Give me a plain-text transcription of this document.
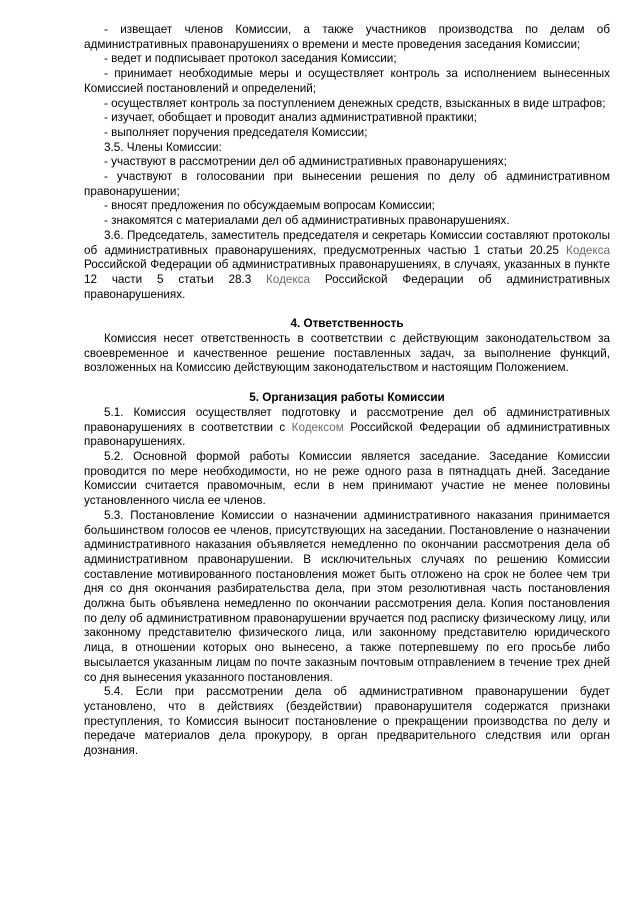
- извещает членов Комиссии, а также участников производства по делам об административных правонарушениях о времени и месте проведения заседания Комиссии;

- ведет и подписывает протокол заседания Комиссии;

- принимает необходимые меры и осуществляет контроль за исполнением вынесенных Комиссией постановлений и определений;

- осуществляет контроль за поступлением денежных средств, взысканных в виде штрафов;

- изучает, обобщает и проводит анализ административной практики;

- выполняет поручения председателя Комиссии;

3.5. Члены Комиссии:

- участвуют в рассмотрении дел об административных правонарушениях;

- участвуют в голосовании при вынесении решения по делу об административном правонарушении;

- вносят предложения по обсуждаемым вопросам Комиссии;

- знакомятся с материалами дел об административных правонарушениях.

3.6. Председатель, заместитель председателя и секретарь Комиссии составляют протоколы об административных правонарушениях, предусмотренных частью 1 статьи 20.25 Кодекса Российской Федерации об административных правонарушениях, в случаях, указанных в пункте 12 части 5 статьи 28.3 Кодекса Российской Федерации об административных правонарушениях.

4. Ответственность

Комиссия несет ответственность в соответствии с действующим законодательством за своевременное и качественное решение поставленных задач, за выполнение функций, возложенных на Комиссию действующим законодательством и настоящим Положением.

5. Организация работы Комиссии

5.1. Комиссия осуществляет подготовку и рассмотрение дел об административных правонарушениях в соответствии с Кодексом Российской Федерации об административных правонарушениях.

5.2. Основной формой работы Комиссии является заседание. Заседание Комиссии проводится по мере необходимости, но не реже одного раза в пятнадцать дней. Заседание Комиссии считается правомочным, если в нем принимают участие не менее половины установленного числа ее членов.

5.3. Постановление Комиссии о назначении административного наказания принимается большинством голосов ее членов, присутствующих на заседании. Постановление о назначении административного наказания объявляется немедленно по окончании рассмотрения дела об административном правонарушении. В исключительных случаях по решению Комиссии составление мотивированного постановления может быть отложено на срок не более чем три дня со дня окончания разбирательства дела, при этом резолютивная часть постановления должна быть объявлена немедленно по окончании рассмотрения дела. Копия постановления по делу об административном правонарушении вручается под расписку физическому лицу, или законному представителю физического лица, или законному представителю юридического лица, в отношении которых оно вынесено, а также потерпевшему по его просьбе либо высылается указанным лицам по почте заказным почтовым отправлением в течение трех дней со дня вынесения указанного постановления.

5.4. Если при рассмотрении дела об административном правонарушении будет установлено, что в действиях (бездействии) правонарушителя содержатся признаки преступления, то Комиссия выносит постановление о прекращении производства по делу и передаче материалов дела прокурору, в орган предварительного следствия или орган дознания.
